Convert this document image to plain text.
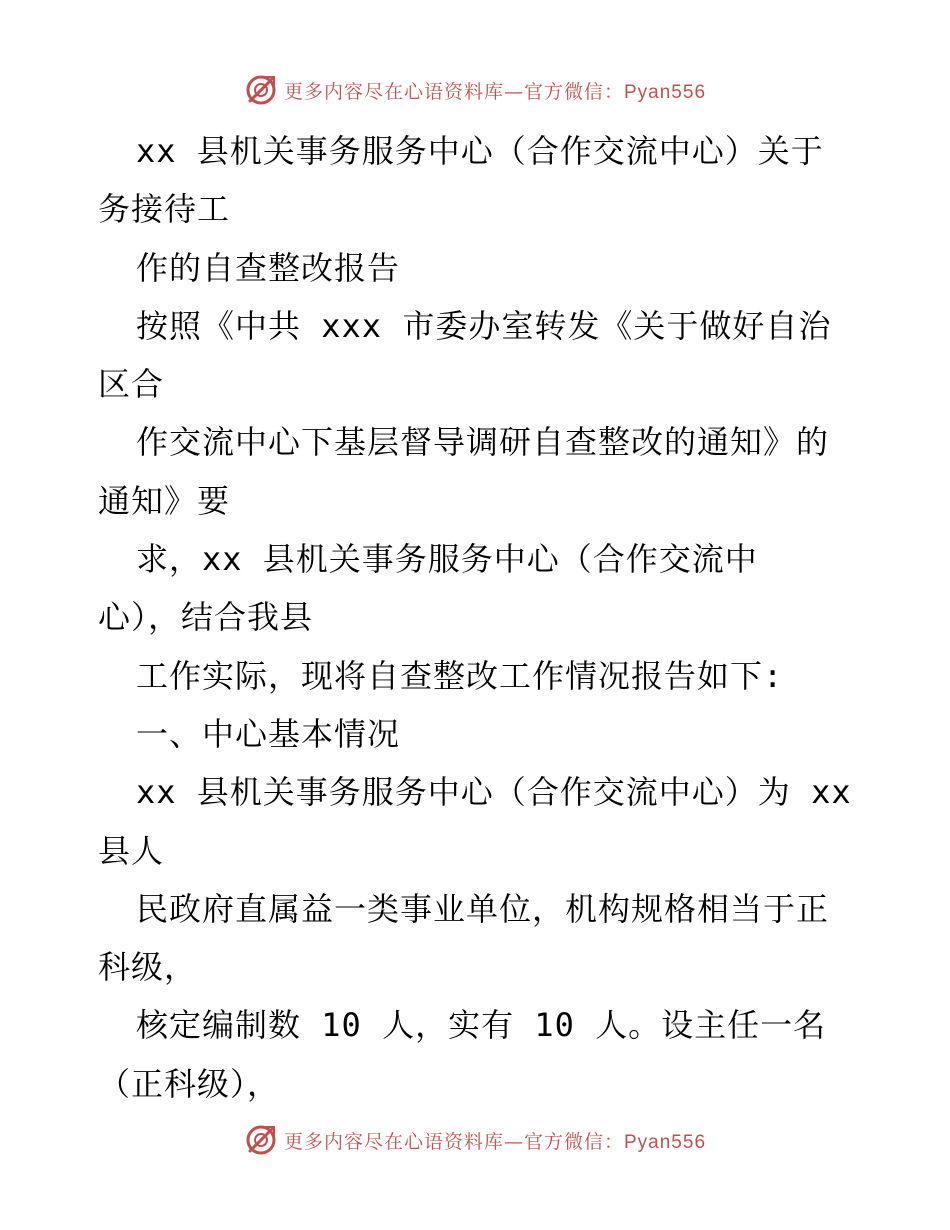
更多内容尽在心语资料库—官方微信：Pyan556
xx 县机关事务服务中心（合作交流中心）关于
务接待工
作的自查整改报告
按照《中共 xxx 市委办室转发《关于做好自治
区合
作交流中心下基层督导调研自查整改的通知》的
通知》要
求，xx 县机关事务服务中心（合作交流中
心），结合我县
工作实际，现将自查整改工作情况报告如下:
一、中心基本情况
xx 县机关事务服务中心（合作交流中心）为 xx
县人
民政府直属益一类事业单位，机构规格相当于正
科级，
核定编制数 10 人，实有 10 人。设主任一名
（正科级），
更多内容尽在心语资料库—官方微信：Pyan556
